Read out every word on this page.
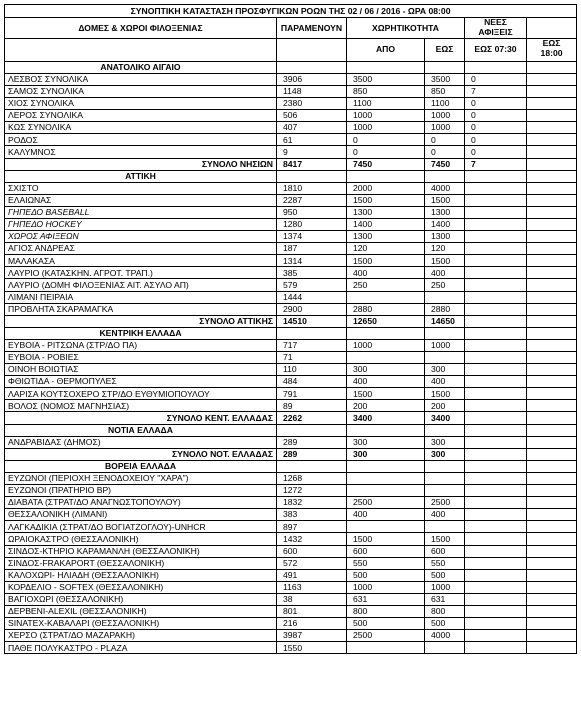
ΣΥΝΟΠΤΙΚΗ ΚΑΤΑΣΤΑΣΗ ΠΡΟΣΦΥΓΙΚΩΝ ΡΟΩΝ ΤΗΣ 02 / 06 / 2016 - ΩΡΑ 08:00					
ΔΟΜΕΣ & ΧΩΡΟΙ ΦΙΛΟΞΕΝΙΑΣ	ΠΑΡΑΜΕΝΟΥΝ	ΧΩΡΗΤΙΚΟΤΗΤΑ		ΝΕΕΣ ΑΦΙΞΕΙΣ	
		ΑΠΟ	ΕΩΣ	ΕΩΣ 07:30	ΕΩΣ 18:00
ΑΝΑΤΟΛΙΚΟ ΑΙΓΑΙΟ					
ΛΕΣΒΟΣ ΣΥΝΟΛΙΚΑ	3906	3500	3500	0	
ΣΑΜΟΣ ΣΥΝΟΛΙΚΑ	1148	850	850	7	
ΧΙΟΣ ΣΥΝΟΛΙΚΑ	2380	1100	1100	0	
ΛΕΡΟΣ ΣΥΝΟΛΙΚΑ	506	1000	1000	0	
ΚΩΣ ΣΥΝΟΛΙΚΑ	407	1000	1000	0	
ΡΟΔΟΣ	61	0	0	0	
ΚΑΛΥΜΝΟΣ	9	0	0	0	
ΣΥΝΟΛΟ ΝΗΣΙΩΝ	8417	7450	7450	7	
ΑΤΤΙΚΗ					
ΣΧΙΣΤΟ	1810	2000	4000		
ΕΛΑΙΩΝΑΣ	2287	1500	1500		
ΓΗΠΕΔΟ BASEBALL	950	1300	1300		
ΓΗΠΕΔΟ HOCKEY	1280	1400	1400		
ΧΩΡΟΣ ΑΦΙΞΕΩΝ	1374	1300	1300		
ΑΓΙΟΣ ΑΝΔΡΕΑΣ	187	120	120		
ΜΑΛΑΚΑΣΑ	1314	1500	1500		
ΛΑΥΡΙΟ (ΚΑΤΑΣΚΗΝ. ΑΓΡΟΤ. ΤΡΑΠ.)	385	400	400		
ΛΑΥΡΙΟ (ΔΟΜΗ ΦΙΛΟΞΕΝΙΑΣ ΑΙΤ. ΑΣΥΛΟ ΑΠ)	579	250	250		
ΛΙΜΑΝΙ ΠΕΙΡΑΙΑ	1444				
ΠΡΟΒΛΗΤΑ ΣΚΑΡΑΜΑΓΚΑ	2900	2880	2880		
ΣΥΝΟΛΟ ΑΤΤΙΚΗΣ	14510	12650	14650		
ΚΕΝΤΡΙΚΗ ΕΛΛΑΔΑ					
ΕΥΒΟΙΑ - ΡΙΤΣΩΝΑ (ΣΤΡ/ΔΟ ΠΑ)	717	1000	1000		
ΕΥΒΟΙΑ - ΡΟΒΙΕΣ	71				
ΟΙΝΟΗ ΒΟΙΩΤΙΑΣ	110	300	300		
ΦΘΙΩΤΙΔΑ - ΘΕΡΜΟΠΥΛΕΣ	484	400	400		
ΛΑΡΙΣΑ ΚΟΥΤΣΟΧΕΡΟ ΣΤΡ/ΔΟ ΕΥΘΥΜΙΟΠΟΥΛΟΥ	791	1500	1500		
ΒΟΛΟΣ (ΝΟΜΟΣ ΜΑΓΝΗΣΙΑΣ)	89	200	200		
ΣΥΝΟΛΟ ΚΕΝΤ. ΕΛΛΑΔΑΣ	2262	3400	3400		
ΝΟΤΙΑ ΕΛΛΑΔΑ					
ΑΝΔΡΑΒΙΔΑΣ (ΔΗΜΟΣ)	289	300	300		
ΣΥΝΟΛΟ ΝΟΤ. ΕΛΛΑΔΑΣ	289	300	300		
ΒΟΡΕΙΑ ΕΛΛΑΔΑ					
ΕΥΖΩΝΟΙ (ΠΕΡΙΟΧΗ ΞΕΝΟΔΟΧΕΙΟΥ "ΧΑΡΑ")	1268				
ΕΥΖΩΝΟΙ (ΠΡΑΤΗΡΙΟ BP)	1272				
ΔΙΑΒΑΤΑ (ΣΤΡΑΤ/ΔΟ ΑΝΑΓΝΩΣΤΟΠΟΥΛΟΥ)	1832	2500	2500		
ΘΕΣΣΑΛΟΝΙΚΗ (ΛΙΜΑΝΙ)	383	400	400		
ΛΑΓΚΑΔΙΚΙΑ (ΣΤΡΑΤ/ΔΟ ΒΟΓΙΑΤΖΟΓΛΟΥ)-UNHCR	897				
ΩΡΑΙΟΚΑΣΤΡΟ (ΘΕΣΣΑΛΟΝΙΚΗ)	1432	1500	1500		
ΣΙΝΔΟΣ-ΚΤΗΡΙΟ ΚΑΡΑΜΑΝΛΗ (ΘΕΣΣΑΛΟΝΙΚΗ)	600	600	600		
ΣΙΝΔΟΣ-FRAKAPORT (ΘΕΣΣΑΛΟΝΙΚΗ)	572	550	550		
ΚΑΛΟΧΩΡΙ- ΗΛΙΑΔΗ (ΘΕΣΣΑΛΟΝΙΚΗ)	491	500	500		
ΚΟΡΔΕΛΙΟ - SOFTEX (ΘΕΣΣΑΛΟΝΙΚΗ)	1163	1000	1000		
ΒΑΓΙΟΧΩΡΙ (ΘΕΣΣΑΛΟΝΙΚΗ)	38	631	631		
ΔΕΡΒΕΝΙ-ALEXIL (ΘΕΣΣΑΛΟΝΙΚΗ)	801	800	800		
SINATEX-ΚΑΒΑΛΑΡΙ (ΘΕΣΣΑΛΟΝΙΚΗ)	216	500	500		
ΧΕΡΣΟ (ΣΤΡΑΤ/ΔΟ ΜΑΖΑΡΑΚΗ)	3987	2500	4000		
ΠΑΘΕ ΠΟΛΥΚΑΣΤΡΟ - PLAZA	1550				
